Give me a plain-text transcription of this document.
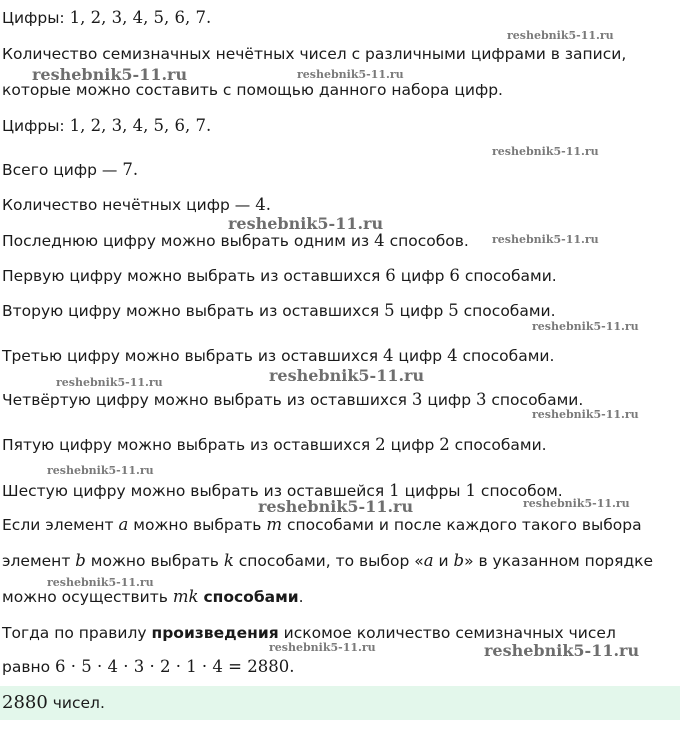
Цифры: 1, 2, 3, 4, 5, 6, 7.
Количество семизначных нечётных чисел с различными цифрами в записи,
которые можно составить с помощью данного набора цифр.
Цифры: 1, 2, 3, 4, 5, 6, 7.
Всего цифр — 7.
Количество нечётных цифр — 4.
Последнюю цифру можно выбрать одним из 4 способов.
Первую цифру можно выбрать из оставшихся 6 цифр 6 способами.
Вторую цифру можно выбрать из оставшихся 5 цифр 5 способами.
Третью цифру можно выбрать из оставшихся 4 цифр 4 способами.
Четвёртую цифру можно выбрать из оставшихся 3 цифр 3 способами.
Пятую цифру можно выбрать из оставшихся 2 цифр 2 способами.
Шестую цифру можно выбрать из оставшейся 1 цифры 1 способом.
Если элемент a можно выбрать m способами и после каждого такого выбора
элемент b можно выбрать k способами, то выбор «a и b» в указанном порядке
можно осуществить mk способами.
Тогда по правилу произведения искомое количество семизначных чисел
равно 6 · 5 · 4 · 3 · 2 · 1 · 4 = 2880.
2880 чисел.
reshebnik5-11.ru
reshebnik5-11.ru	reshebnik5-11.ru
reshebnik5-11.ru
reshebnik5-11.ru
reshebnik5-11.ru
reshebnik5-11.ru
reshebnik5-11.ru
reshebnik5-11.ru
reshebnik5-11.ru
reshebnik5-11.ru
reshebnik5-11.ru	reshebnik5-11.ru
reshebnik5-11.ru
reshebnik5-11.ru	reshebnik5-11.ru
